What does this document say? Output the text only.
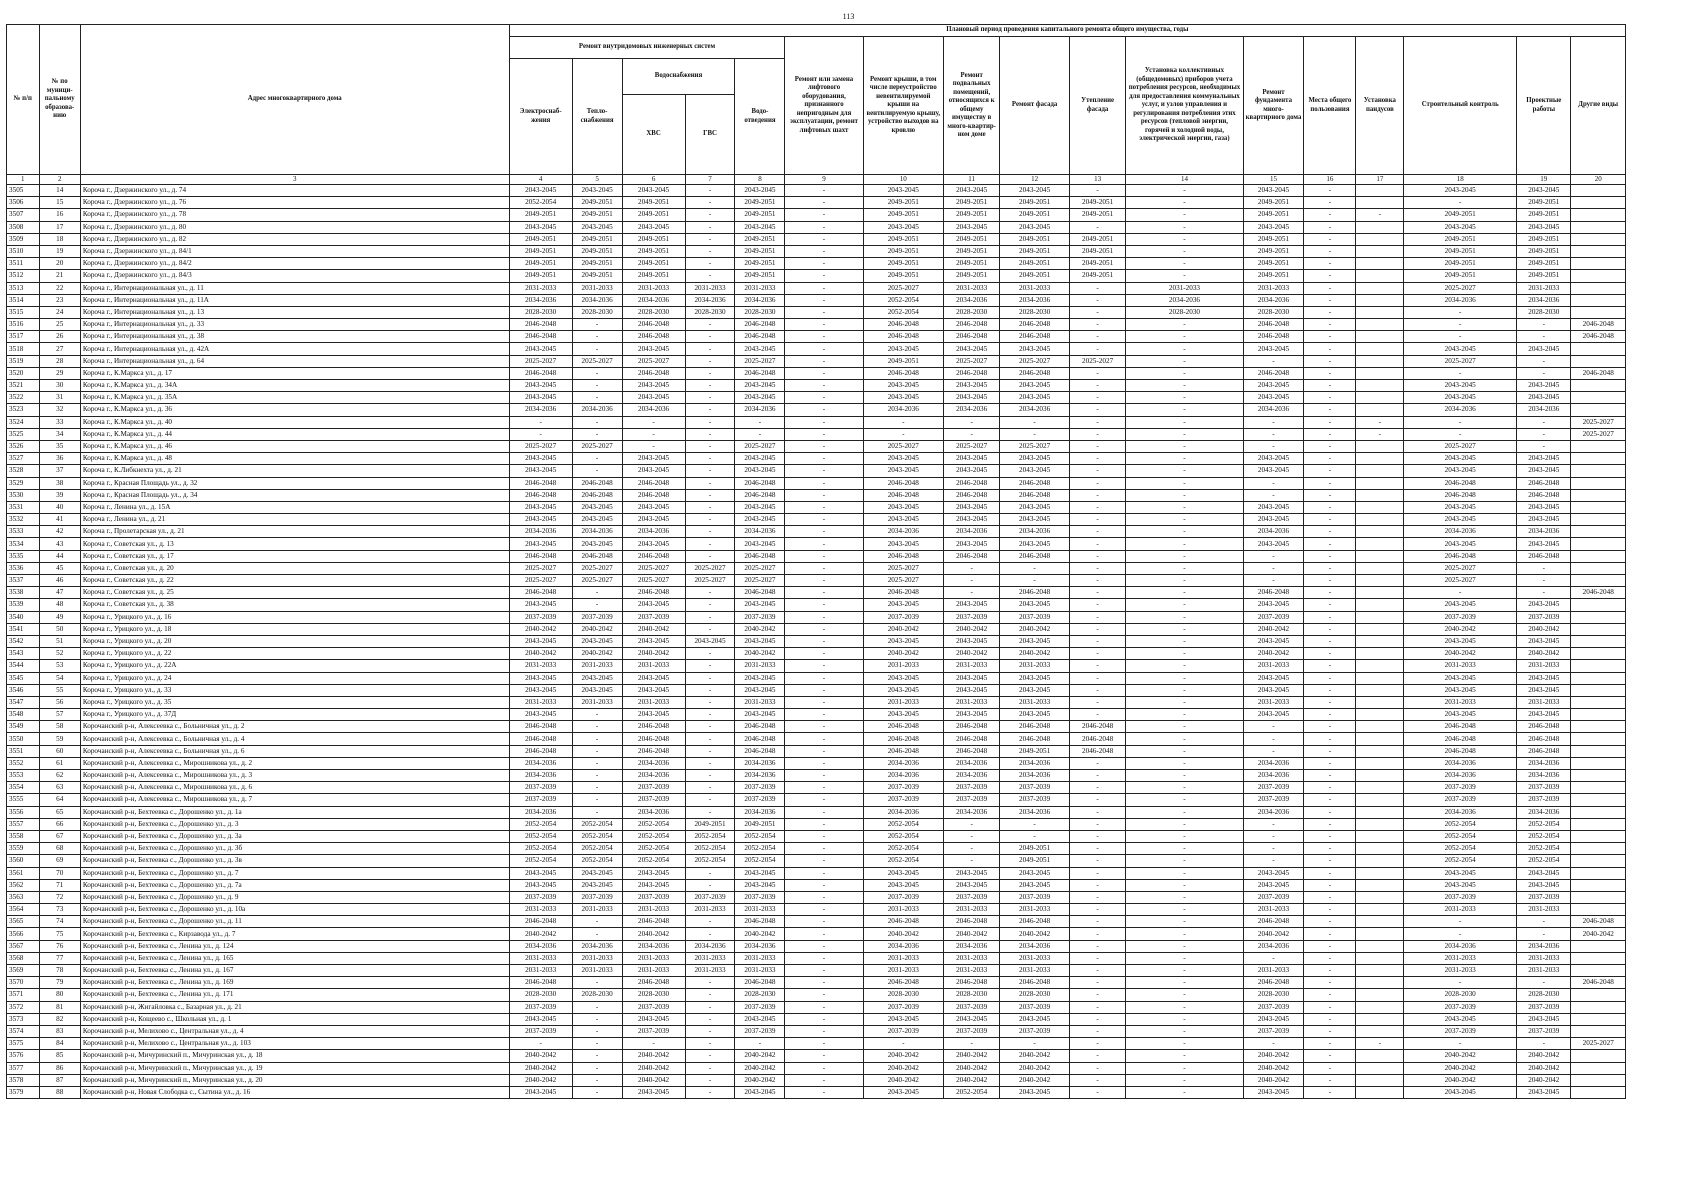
113
№ п/п	№ по муници-пальному образова-нию	Адрес многоквартирного дома	Плановый период проведения капитального ремонта общего имущества, годы																
			Ремонт внутридомовых инженерных систем					Ремонт или замена лифтового оборудования, признанного непригодным для эксплуатации, ремонт лифтовых шахт	Ремонт крыши, в том числе переустройство невентилируемой крыши на вентилируемую крышу, устройство выходов на кровлю	Ремонт подвальных помещений, относящихся к общему имуществу в много-квартир-ном доме	Ремонт фасада	Утепление фасада	Установка коллективных (общедомовых) приборов учета потребления ресурсов, необходимых для предоставления коммунальных услуг, и узлов управления и регулирования потребления этих ресурсов (тепловой энергии, горячей и холодной воды, электрической энергии, газа)	Ремонт фундамента много-квартирного дома	Места общего пользования	Установка пандусов	Строительный контроль	Проектные работы	Другие виды
			Электроснаб-жения	Тепло-снабжения	Водоснабжения		Водо-отведения												
					ХВС	ГВС													
1	2	3	4	5	6	7	8	9	10	11	12	13	14	15	16	17	18	19	20
3505	14	Короча г., Дзержинского ул., д. 74	2043-2045	2043-2045	2043-2045	-	2043-2045	-	2043-2045	2043-2045	2043-2045	-	-	2043-2045	-		2043-2045	2043-2045	
3506	15	Короча г., Дзержинского ул., д. 76	2052-2054	2049-2051	2049-2051	-	2049-2051	-	2049-2051	2049-2051	2049-2051	2049-2051	-	2049-2051	-		-	2049-2051	
3507	16	Короча г., Дзержинского ул., д. 78	2049-2051	2049-2051	2049-2051	-	2049-2051	-	2049-2051	2049-2051	2049-2051	2049-2051	-	2049-2051	-	-	2049-2051	2049-2051	
3508	17	Короча г., Дзержинского ул., д. 80	2043-2045	2043-2045	2043-2045	-	2043-2045	-	2043-2045	2043-2045	2043-2045	-	-	2043-2045	-		2043-2045	2043-2045	
3509	18	Короча г., Дзержинского ул., д. 82	2049-2051	2049-2051	2049-2051	-	2049-2051	-	2049-2051	2049-2051	2049-2051	2049-2051	-	2049-2051	-		2049-2051	2049-2051	
3510	19	Короча г., Дзержинского ул., д. 84/1	2049-2051	2049-2051	2049-2051	-	2049-2051	-	2049-2051	2049-2051	2049-2051	2049-2051	-	2049-2051	-		2049-2051	2049-2051	
3511	20	Короча г., Дзержинского ул., д. 84/2	2049-2051	2049-2051	2049-2051	-	2049-2051	-	2049-2051	2049-2051	2049-2051	2049-2051	-	2049-2051	-		2049-2051	2049-2051	
3512	21	Короча г., Дзержинского ул., д. 84/3	2049-2051	2049-2051	2049-2051	-	2049-2051	-	2049-2051	2049-2051	2049-2051	2049-2051	-	2049-2051	-		2049-2051	2049-2051	
3513	22	Короча г., Интернациональная ул., д. 11	2031-2033	2031-2033	2031-2033	2031-2033	2031-2033	-	2025-2027	2031-2033	2031-2033	-	2031-2033	2031-2033	-		2025-2027	2031-2033	
3514	23	Короча г., Интернациональная ул., д. 11А	2034-2036	2034-2036	2034-2036	2034-2036	2034-2036	-	2052-2054	2034-2036	2034-2036	-	2034-2036	2034-2036	-		2034-2036	2034-2036	
3515	24	Короча г., Интернациональная ул., д. 13	2028-2030	2028-2030	2028-2030	2028-2030	2028-2030	-	2052-2054	2028-2030	2028-2030	-	2028-2030	2028-2030	-		-	2028-2030	
3516	25	Короча г., Интернациональная ул., д. 33	2046-2048	-	2046-2048	-	2046-2048	-	2046-2048	2046-2048	2046-2048	-	-	2046-2048	-		-	-	2046-2048
3517	26	Короча г., Интернациональная ул., д. 38	2046-2048	-	2046-2048	-	2046-2048	-	2046-2048	2046-2048	2046-2048	-	-	2046-2048	-		-	-	2046-2048
3518	27	Короча г., Интернациональная ул., д. 42А	2043-2045	-	2043-2045	-	2043-2045	-	2043-2045	2043-2045	2043-2045	-	-	2043-2045	-		2043-2045	2043-2045	
3519	28	Короча г., Интернациональная ул., д. 64	2025-2027	2025-2027	2025-2027	-	2025-2027	-	2049-2051	2025-2027	2025-2027	2025-2027	-	-	-		2025-2027	-	
3520	29	Короча г., К.Маркса ул., д. 17	2046-2048	-	2046-2048	-	2046-2048	-	2046-2048	2046-2048	2046-2048	-	-	2046-2048	-		-	-	2046-2048
3521	30	Короча г., К.Маркса ул., д. 34А	2043-2045	-	2043-2045	-	2043-2045	-	2043-2045	2043-2045	2043-2045	-	-	2043-2045	-		2043-2045	2043-2045	
3522	31	Короча г., К.Маркса ул., д. 35А	2043-2045	-	2043-2045	-	2043-2045	-	2043-2045	2043-2045	2043-2045	-	-	2043-2045	-		2043-2045	2043-2045	
3523	32	Короча г., К.Маркса ул., д. 36	2034-2036	2034-2036	2034-2036	-	2034-2036	-	2034-2036	2034-2036	2034-2036	-	-	2034-2036	-		2034-2036	2034-2036	
3524	33	Короча г., К.Маркса ул., д. 40	-	-	-	-	-	-	-	-	-	-	-	-	-	-	-	-	2025-2027
3525	34	Короча г., К.Маркса ул., д. 44	-	-	-	-	-	-	-	-	-	-	-	-	-	-	-	-	2025-2027
3526	35	Короча г., К.Маркса ул., д. 46	2025-2027	2025-2027	-	-	2025-2027	-	2025-2027	2025-2027	2025-2027	-	-	-	-		2025-2027	-	
3527	36	Короча г., К.Маркса ул., д. 48	2043-2045	-	2043-2045	-	2043-2045	-	2043-2045	2043-2045	2043-2045	-	-	2043-2045	-		2043-2045	2043-2045	
3528	37	Короча г., К.Либкнехта ул., д. 21	2043-2045	-	2043-2045	-	2043-2045	-	2043-2045	2043-2045	2043-2045	-	-	2043-2045	-		2043-2045	2043-2045	
3529	38	Короча г., Красная Площадь ул., д. 32	2046-2048	2046-2048	2046-2048	-	2046-2048	-	2046-2048	2046-2048	2046-2048	-	-	-	-		2046-2048	2046-2048	
3530	39	Короча г., Красная Площадь ул., д. 34	2046-2048	2046-2048	2046-2048	-	2046-2048	-	2046-2048	2046-2048	2046-2048	-	-	-	-		2046-2048	2046-2048	
3531	40	Короча г., Ленина ул., д. 15А	2043-2045	2043-2045	2043-2045	-	2043-2045	-	2043-2045	2043-2045	2043-2045	-	-	2043-2045	-		2043-2045	2043-2045	
3532	41	Короча г., Ленина ул., д. 21	2043-2045	2043-2045	2043-2045	-	2043-2045	-	2043-2045	2043-2045	2043-2045	-	-	2043-2045	-		2043-2045	2043-2045	
3533	42	Короча г., Пролетарская ул., д. 21	2034-2036	2034-2036	2034-2036	-	2034-2036	-	2034-2036	2034-2036	2034-2036	-	-	2034-2036	-		2034-2036	2034-2036	
3534	43	Короча г., Советская ул., д. 13	2043-2045	2043-2045	2043-2045	-	2043-2045	-	2043-2045	2043-2045	2043-2045	-	-	2043-2045	-		2043-2045	2043-2045	
3535	44	Короча г., Советская ул., д. 17	2046-2048	2046-2048	2046-2048	-	2046-2048	-	2046-2048	2046-2048	2046-2048	-	-	-	-		2046-2048	2046-2048	
3536	45	Короча г., Советская ул., д. 20	2025-2027	2025-2027	2025-2027	2025-2027	2025-2027	-	2025-2027	-	-	-	-	-	-		2025-2027	-	
3537	46	Короча г., Советская ул., д. 22	2025-2027	2025-2027	2025-2027	2025-2027	2025-2027	-	2025-2027	-	-	-	-	-	-		2025-2027	-	
3538	47	Короча г., Советская ул., д. 25	2046-2048	-	2046-2048	-	2046-2048	-	2046-2048	-	2046-2048	-	-	2046-2048	-		-	-	2046-2048
3539	48	Короча г., Советская ул., д. 38	2043-2045	-	2043-2045	-	2043-2045	-	2043-2045	2043-2045	2043-2045	-	-	2043-2045	-		2043-2045	2043-2045	
3540	49	Короча г., Урицкого ул., д. 16	2037-2039	2037-2039	2037-2039	-	2037-2039	-	2037-2039	2037-2039	2037-2039	-	-	2037-2039	-		2037-2039	2037-2039	
3541	50	Короча г., Урицкого ул., д. 18	2040-2042	2040-2042	2040-2042	-	2040-2042	-	2040-2042	2040-2042	2040-2042	-	-	2040-2042	-		2040-2042	2040-2042	
3542	51	Короча г., Урицкого ул., д. 20	2043-2045	2043-2045	2043-2045	2043-2045	2043-2045	-	2043-2045	2043-2045	2043-2045	-	-	2043-2045	-		2043-2045	2043-2045	
3543	52	Короча г., Урицкого ул., д. 22	2040-2042	2040-2042	2040-2042	-	2040-2042	-	2040-2042	2040-2042	2040-2042	-	-	2040-2042	-		2040-2042	2040-2042	
3544	53	Короча г., Урицкого ул., д. 22А	2031-2033	2031-2033	2031-2033	-	2031-2033	-	2031-2033	2031-2033	2031-2033	-	-	2031-2033	-		2031-2033	2031-2033	
3545	54	Короча г., Урицкого ул., д. 24	2043-2045	2043-2045	2043-2045	-	2043-2045	-	2043-2045	2043-2045	2043-2045	-	-	2043-2045	-		2043-2045	2043-2045	
3546	55	Короча г., Урицкого ул., д. 33	2043-2045	2043-2045	2043-2045	-	2043-2045	-	2043-2045	2043-2045	2043-2045	-	-	2043-2045	-		2043-2045	2043-2045	
3547	56	Короча г., Урицкого ул., д. 35	2031-2033	2031-2033	2031-2033	-	2031-2033	-	2031-2033	2031-2033	2031-2033	-	-	2031-2033	-		2031-2033	2031-2033	
3548	57	Короча г., Урицкого ул., д. 37Д	2043-2045	-	2043-2045	-	2043-2045	-	2043-2045	2043-2045	2043-2045	-	-	2043-2045	-		2043-2045	2043-2045	
3549	58	Корочанский р-н, Алексеевка с., Больничная ул., д. 2	2046-2048	-	2046-2048	-	2046-2048	-	2046-2048	2046-2048	2046-2048	2046-2048	-	-	-		2046-2048	2046-2048	
3550	59	Корочанский р-н, Алексеевка с., Больничная ул., д. 4	2046-2048	-	2046-2048	-	2046-2048	-	2046-2048	2046-2048	2046-2048	2046-2048	-	-	-		2046-2048	2046-2048	
3551	60	Корочанский р-н, Алексеевка с., Больничная ул., д. 6	2046-2048	-	2046-2048	-	2046-2048	-	2046-2048	2046-2048	2049-2051	2046-2048	-	-	-		2046-2048	2046-2048	
3552	61	Корочанский р-н, Алексеевка с., Мирошникова ул., д. 2	2034-2036	-	2034-2036	-	2034-2036	-	2034-2036	2034-2036	2034-2036	-	-	2034-2036	-		2034-2036	2034-2036	
3553	62	Корочанский р-н, Алексеевка с., Мирошникова ул., д. 3	2034-2036	-	2034-2036	-	2034-2036	-	2034-2036	2034-2036	2034-2036	-	-	2034-2036	-		2034-2036	2034-2036	
3554	63	Корочанский р-н, Алексеевка с., Мирошникова ул., д. 6	2037-2039	-	2037-2039	-	2037-2039	-	2037-2039	2037-2039	2037-2039	-	-	2037-2039	-		2037-2039	2037-2039	
3555	64	Корочанский р-н, Алексеевка с., Мирошникова ул., д. 7	2037-2039	-	2037-2039	-	2037-2039	-	2037-2039	2037-2039	2037-2039	-	-	2037-2039	-		2037-2039	2037-2039	
3556	65	Корочанский р-н, Бехтеевка с., Дорошенко ул., д. 1а	2034-2036	-	2034-2036	-	2034-2036	-	2034-2036	2034-2036	2034-2036	-	-	2034-2036	-		2034-2036	2034-2036	
3557	66	Корочанский р-н, Бехтеевка с., Дорошенко ул., д. 3	2052-2054	2052-2054	2052-2054	2049-2051	2049-2051	-	2052-2054	-	-	-	-	-	-		2052-2054	2052-2054	
3558	67	Корочанский р-н, Бехтеевка с., Дорошенко ул., д. 3а	2052-2054	2052-2054	2052-2054	2052-2054	2052-2054	-	2052-2054	-	-	-	-	-	-		2052-2054	2052-2054	
3559	68	Корочанский р-н, Бехтеевка с., Дорошенко ул., д. 3б	2052-2054	2052-2054	2052-2054	2052-2054	2052-2054	-	2052-2054	-	2049-2051	-	-	-	-		2052-2054	2052-2054	
3560	69	Корочанский р-н, Бехтеевка с., Дорошенко ул., д. 3в	2052-2054	2052-2054	2052-2054	2052-2054	2052-2054	-	2052-2054	-	2049-2051	-	-	-	-		2052-2054	2052-2054	
3561	70	Корочанский р-н, Бехтеевка с., Дорошенко ул., д. 7	2043-2045	2043-2045	2043-2045	-	2043-2045	-	2043-2045	2043-2045	2043-2045	-	-	2043-2045	-		2043-2045	2043-2045	
3562	71	Корочанский р-н, Бехтеевка с., Дорошенко ул., д. 7а	2043-2045	2043-2045	2043-2045	-	2043-2045	-	2043-2045	2043-2045	2043-2045	-	-	2043-2045	-		2043-2045	2043-2045	
3563	72	Корочанский р-н, Бехтеевка с., Дорошенко ул., д. 9	2037-2039	2037-2039	2037-2039	2037-2039	2037-2039	-	2037-2039	2037-2039	2037-2039	-	-	2037-2039	-		2037-2039	2037-2039	
3564	73	Корочанский р-н, Бехтеевка с., Дорошенко ул., д. 10а	2031-2033	2031-2033	2031-2033	2031-2033	2031-2033	-	2031-2033	2031-2033	2031-2033	-	-	2031-2033	-		2031-2033	2031-2033	
3565	74	Корочанский р-н, Бехтеевка с., Дорошенко ул., д. 11	2046-2048	-	2046-2048	-	2046-2048	-	2046-2048	2046-2048	2046-2048	-	-	2046-2048	-		-	-	2046-2048
3566	75	Корочанский р-н, Бехтеевка с., Кирзавода ул., д. 7	2040-2042	-	2040-2042	-	2040-2042	-	2040-2042	2040-2042	2040-2042	-	-	2040-2042	-		-	-	2040-2042
3567	76	Корочанский р-н, Бехтеевка с., Ленина ул., д. 124	2034-2036	2034-2036	2034-2036	2034-2036	2034-2036	-	2034-2036	2034-2036	2034-2036	-	-	2034-2036	-		2034-2036	2034-2036	
3568	77	Корочанский р-н, Бехтеевка с., Ленина ул., д. 165	2031-2033	2031-2033	2031-2033	2031-2033	2031-2033	-	2031-2033	2031-2033	2031-2033	-	-	-	-		2031-2033	2031-2033	
3569	78	Корочанский р-н, Бехтеевка с., Ленина ул., д. 167	2031-2033	2031-2033	2031-2033	2031-2033	2031-2033	-	2031-2033	2031-2033	2031-2033	-	-	2031-2033	-		2031-2033	2031-2033	
3570	79	Корочанский р-н, Бехтеевка с., Ленина ул., д. 169	2046-2048	-	2046-2048	-	2046-2048	-	2046-2048	2046-2048	2046-2048	-	-	2046-2048	-		-	-	2046-2048
3571	80	Корочанский р-н, Бехтеевка с., Ленина ул., д. 171	2028-2030	2028-2030	2028-2030	-	2028-2030	-	2028-2030	2028-2030	2028-2030	-	-	2028-2030	-		2028-2030	2028-2030	
3572	81	Корочанский р-н, Жигайловка с., Базарная ул., д. 21	2037-2039	-	2037-2039	-	2037-2039	-	2037-2039	2037-2039	2037-2039	-	-	2037-2039	-		2037-2039	2037-2039	
3573	82	Корочанский р-н, Кощеево с., Школьная ул., д. 1	2043-2045	-	2043-2045	-	2043-2045	-	2043-2045	2043-2045	2043-2045	-	-	2043-2045	-		2043-2045	2043-2045	
3574	83	Корочанский р-н, Мелихово с., Центральная ул., д. 4	2037-2039	-	2037-2039	-	2037-2039	-	2037-2039	2037-2039	2037-2039	-	-	2037-2039	-		2037-2039	2037-2039	
3575	84	Корочанский р-н, Мелихово с., Центральная ул., д. 103	-	-	-	-	-	-	-	-	-	-	-	-	-	-	-	-	2025-2027
3576	85	Корочанский р-н, Мичуринский п., Мичуринская ул., д. 18	2040-2042	-	2040-2042	-	2040-2042	-	2040-2042	2040-2042	2040-2042	-	-	2040-2042	-		2040-2042	2040-2042	
3577	86	Корочанский р-н, Мичуринский п., Мичуринская ул., д. 19	2040-2042	-	2040-2042	-	2040-2042	-	2040-2042	2040-2042	2040-2042	-	-	2040-2042	-		2040-2042	2040-2042	
3578	87	Корочанский р-н, Мичуринский п., Мичуринская ул., д. 20	2040-2042	-	2040-2042	-	2040-2042	-	2040-2042	2040-2042	2040-2042	-	-	2040-2042	-		2040-2042	2040-2042	
3579	88	Корочанский р-н, Новая Слободка с., Сытина ул., д. 16	2043-2045	-	2043-2045	-	2043-2045	-	2043-2045	2052-2054	2043-2045	-	-	2043-2045	-		2043-2045	2043-2045	
